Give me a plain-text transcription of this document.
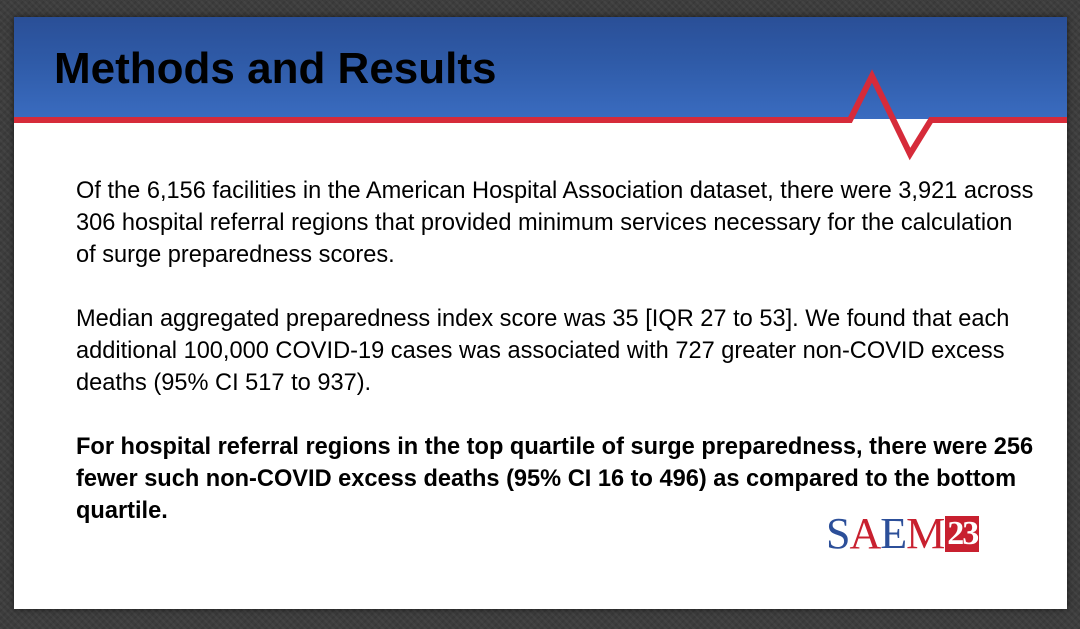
Methods and Results

Of the 6,156 facilities in the American Hospital Association dataset, there were 3,921 across 306 hospital referral regions that provided minimum services necessary for the calculation of surge preparedness scores.

Median aggregated preparedness index score was 35 [IQR 27 to 53]. We found that each additional 100,000 COVID-19 cases was associated with 727 greater non-COVID excess deaths (95% CI 517 to 937).

For hospital referral regions in the top quartile of surge preparedness, there were 256 fewer such non-COVID excess deaths (95% CI 16 to 496) as compared to the bottom quartile.	SAEM 23
